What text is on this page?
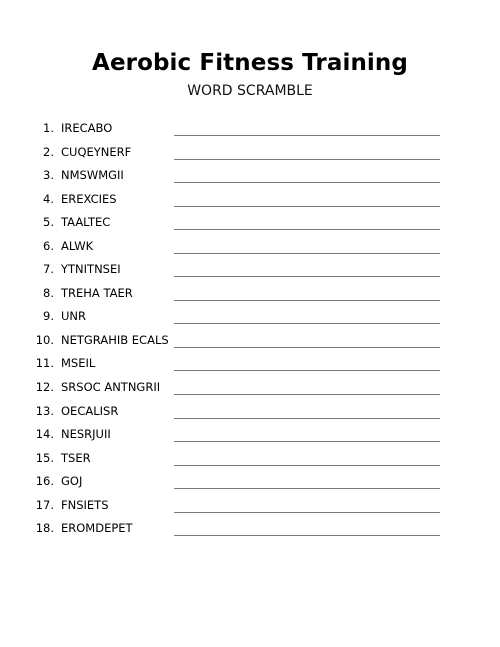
Aerobic Fitness Training
WORD SCRAMBLE
1. IRECABO
2. CUQEYNERF
3. NMSWMGII
4. EREXCIES
5. TAALTEC
6. ALWK
7. YTNITNSEI
8. TREHA TAER
9. UNR
10. NETGRAHIB ECALS
11. MSEIL
12. SRSOC ANTNGRII
13. OECALISR
14. NESRJUII
15. TSER
16. GOJ
17. FNSIETS
18. EROMDEPET
